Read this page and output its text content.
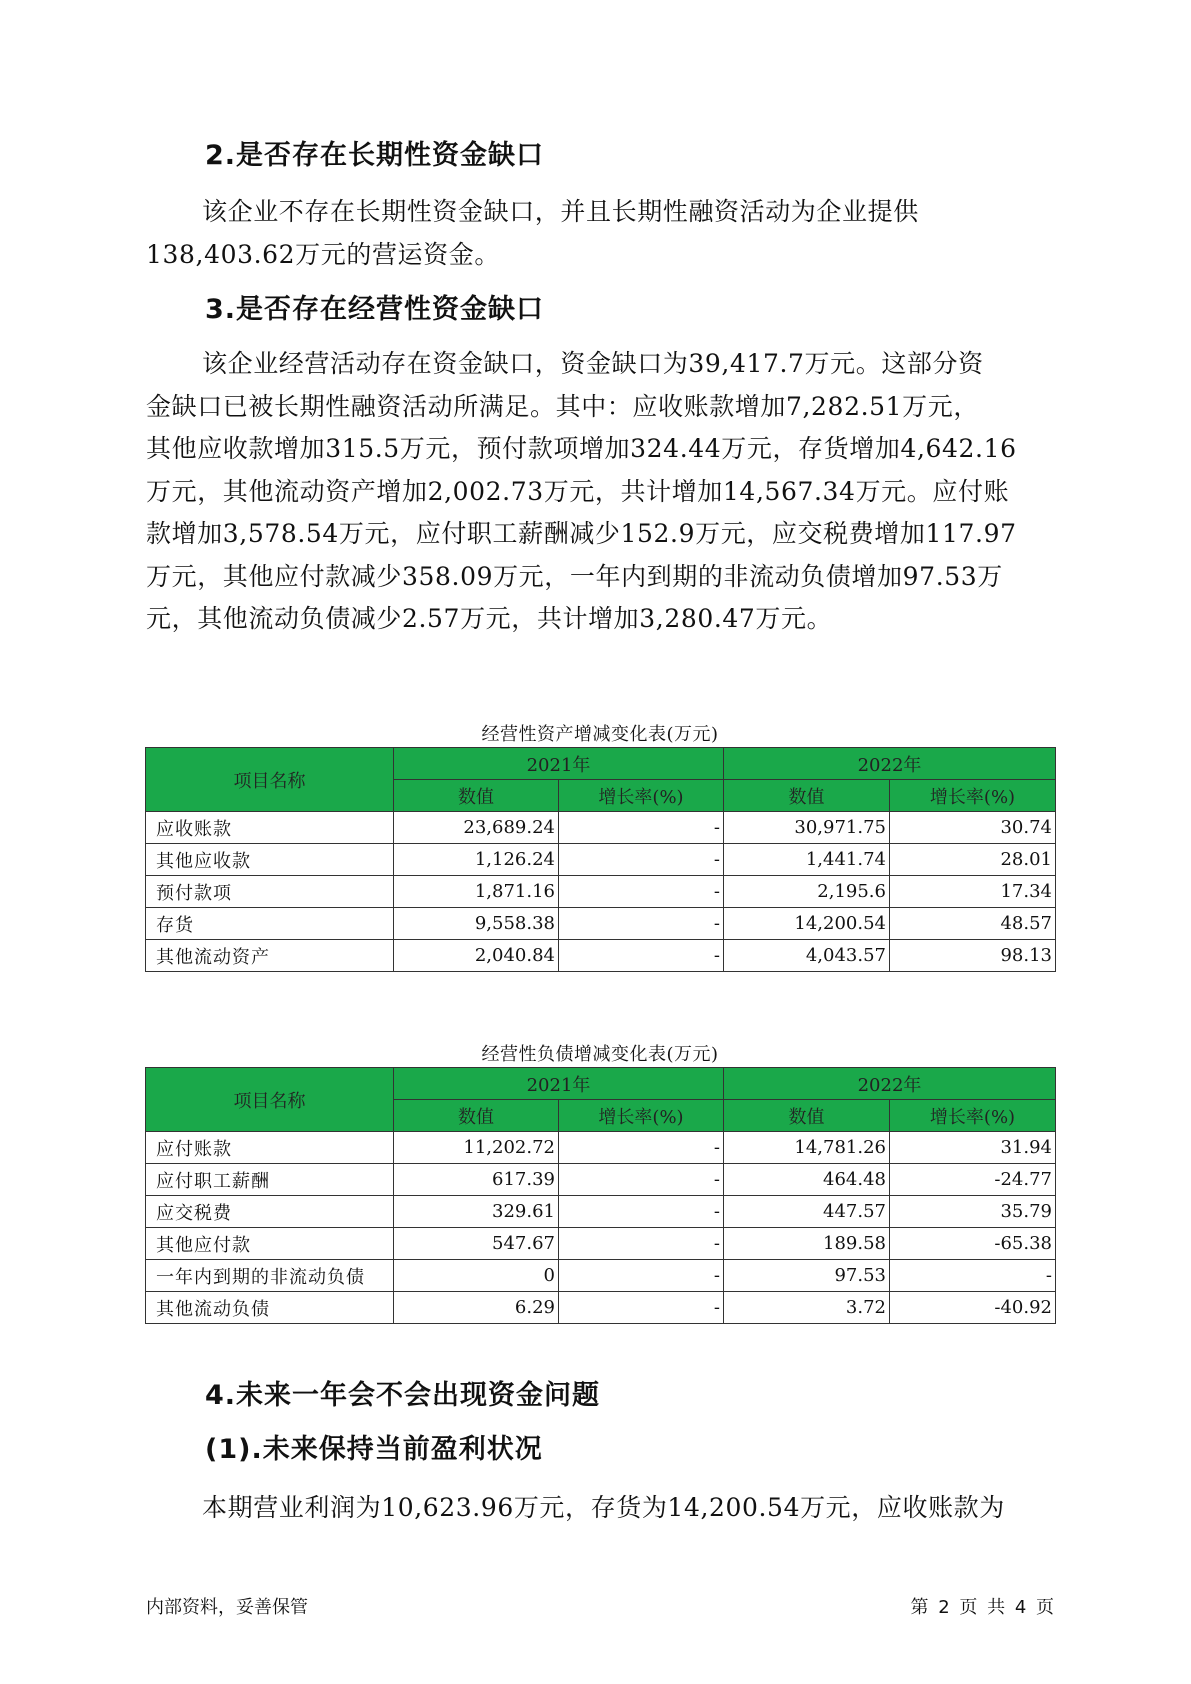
2.是否存在长期性资金缺口
该企业不存在长期性资金缺口，并且长期性融资活动为企业提供
138,403.62万元的营运资金。
3.是否存在经营性资金缺口
该企业经营活动存在资金缺口，资金缺口为39,417.7万元。这部分资
金缺口已被长期性融资活动所满足。其中：应收账款增加7,282.51万元，
其他应收款增加315.5万元，预付款项增加324.44万元，存货增加4,642.16
万元，其他流动资产增加2,002.73万元，共计增加14,567.34万元。应付账
款增加3,578.54万元，应付职工薪酬减少152.9万元，应交税费增加117.97
万元，其他应付款减少358.09万元，一年内到期的非流动负债增加97.53万
元，其他流动负债减少2.57万元，共计增加3,280.47万元。
经营性资产增减变化表(万元)
项目名称	2021年		2022年	
	数值	增长率(%)	数值	增长率(%)
应收账款	23,689.24	-	30,971.75	30.74
其他应收款	1,126.24	-	1,441.74	28.01
预付款项	1,871.16	-	2,195.6	17.34
存货	9,558.38	-	14,200.54	48.57
其他流动资产	2,040.84	-	4,043.57	98.13
经营性负债增减变化表(万元)
项目名称	2021年		2022年	
	数值	增长率(%)	数值	增长率(%)
应付账款	11,202.72	-	14,781.26	31.94
应付职工薪酬	617.39	-	464.48	-24.77
应交税费	329.61	-	447.57	35.79
其他应付款	547.67	-	189.58	-65.38
一年内到期的非流动负债	0	-	97.53	-
其他流动负债	6.29	-	3.72	-40.92
4.未来一年会不会出现资金问题
(1).未来保持当前盈利状况
本期营业利润为10,623.96万元，存货为14,200.54万元，应收账款为
内部资料，妥善保管	第 2 页 共 4 页
